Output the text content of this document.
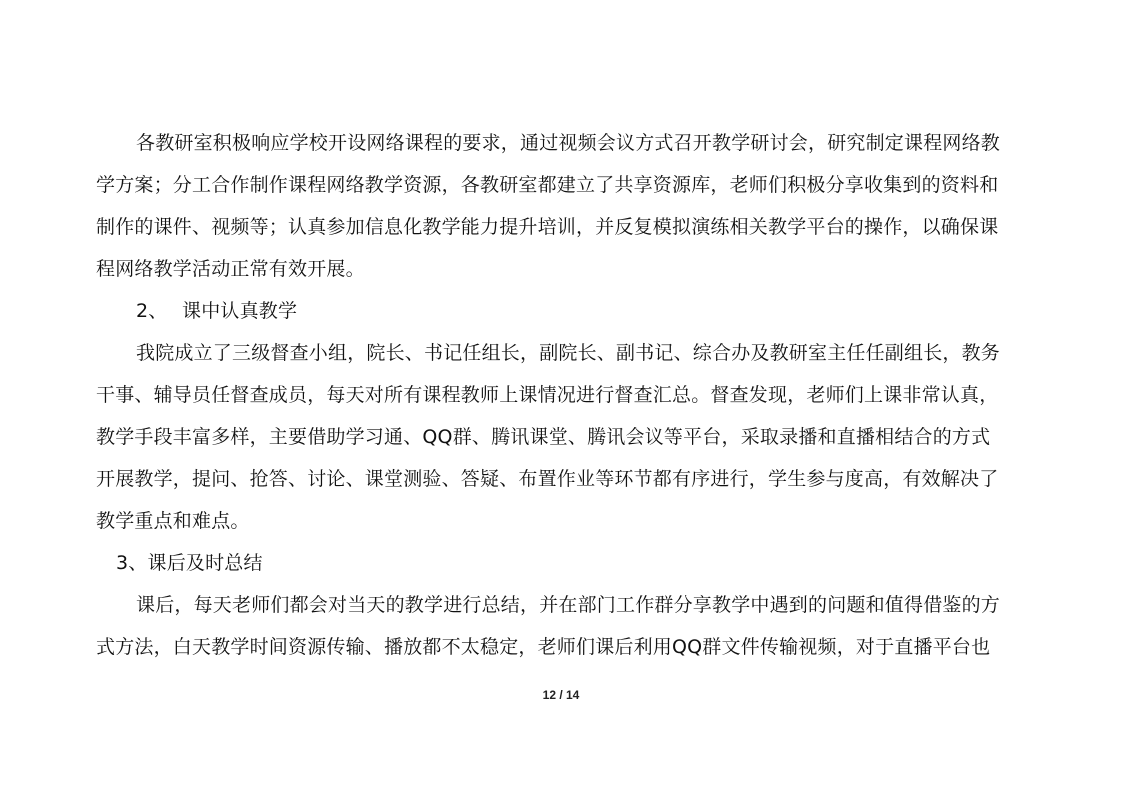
各教研室积极响应学校开设网络课程的要求，通过视频会议方式召开教学研讨会，研究制定课程网络教
学方案；分工合作制作课程网络教学资源，各教研室都建立了共享资源库，老师们积极分享收集到的资料和
制作的课件、视频等；认真参加信息化教学能力提升培训，并反复模拟演练相关教学平台的操作，以确保课
程网络教学活动正常有效开展。
2、 课中认真教学
我院成立了三级督查小组，院长、书记任组长，副院长、副书记、综合办及教研室主任任副组长，教务
干事、辅导员任督查成员，每天对所有课程教师上课情况进行督查汇总。督查发现，老师们上课非常认真，
教学手段丰富多样，主要借助学习通、QQ群、腾讯课堂、腾讯会议等平台，采取录播和直播相结合的方式
开展教学，提问、抢答、讨论、课堂测验、答疑、布置作业等环节都有序进行，学生参与度高，有效解决了
教学重点和难点。
3、课后及时总结
课后，每天老师们都会对当天的教学进行总结，并在部门工作群分享教学中遇到的问题和值得借鉴的方
式方法，白天教学时间资源传输、播放都不太稳定，老师们课后利用QQ群文件传输视频，对于直播平台也
12 / 14
